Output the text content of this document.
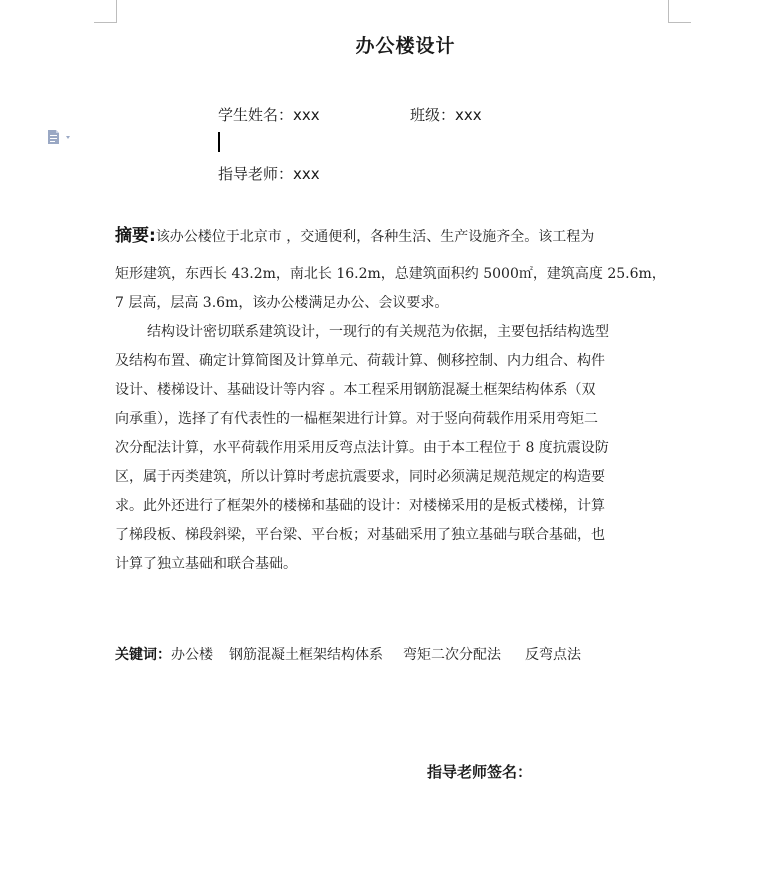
办公楼设计
学生姓名：xxx	班级：xxx
指导老师：xxx
摘要:该办公楼位于北京市 ，交通便利，各种生活、生产设施齐全。该工程为
矩形建筑，东西长 43.2m，南北长 16.2m，总建筑面积约 5000㎡，建筑高度 25.6m，
7 层高，层高 3.6m，该办公楼满足办公、会议要求。
结构设计密切联系建筑设计，一现行的有关规范为依据，主要包括结构选型
及结构布置、确定计算简图及计算单元、荷载计算、侧移控制、内力组合、构件
设计、楼梯设计、基础设计等内容 。本工程采用钢筋混凝土框架结构体系（双
向承重），选择了有代表性的一榀框架进行计算。对于竖向荷载作用采用弯矩二
次分配法计算，水平荷载作用采用反弯点法计算。由于本工程位于 8 度抗震设防
区，属于丙类建筑，所以计算时考虑抗震要求，同时必须满足规范规定的构造要
求。此外还进行了框架外的楼梯和基础的设计：对楼梯采用的是板式楼梯，计算
了梯段板、梯段斜梁，平台梁、平台板；对基础采用了独立基础与联合基础，也
计算了独立基础和联合基础。
关键词：办公楼 钢筋混凝土框架结构体系 弯矩二次分配法 反弯点法
指导老师签名：
